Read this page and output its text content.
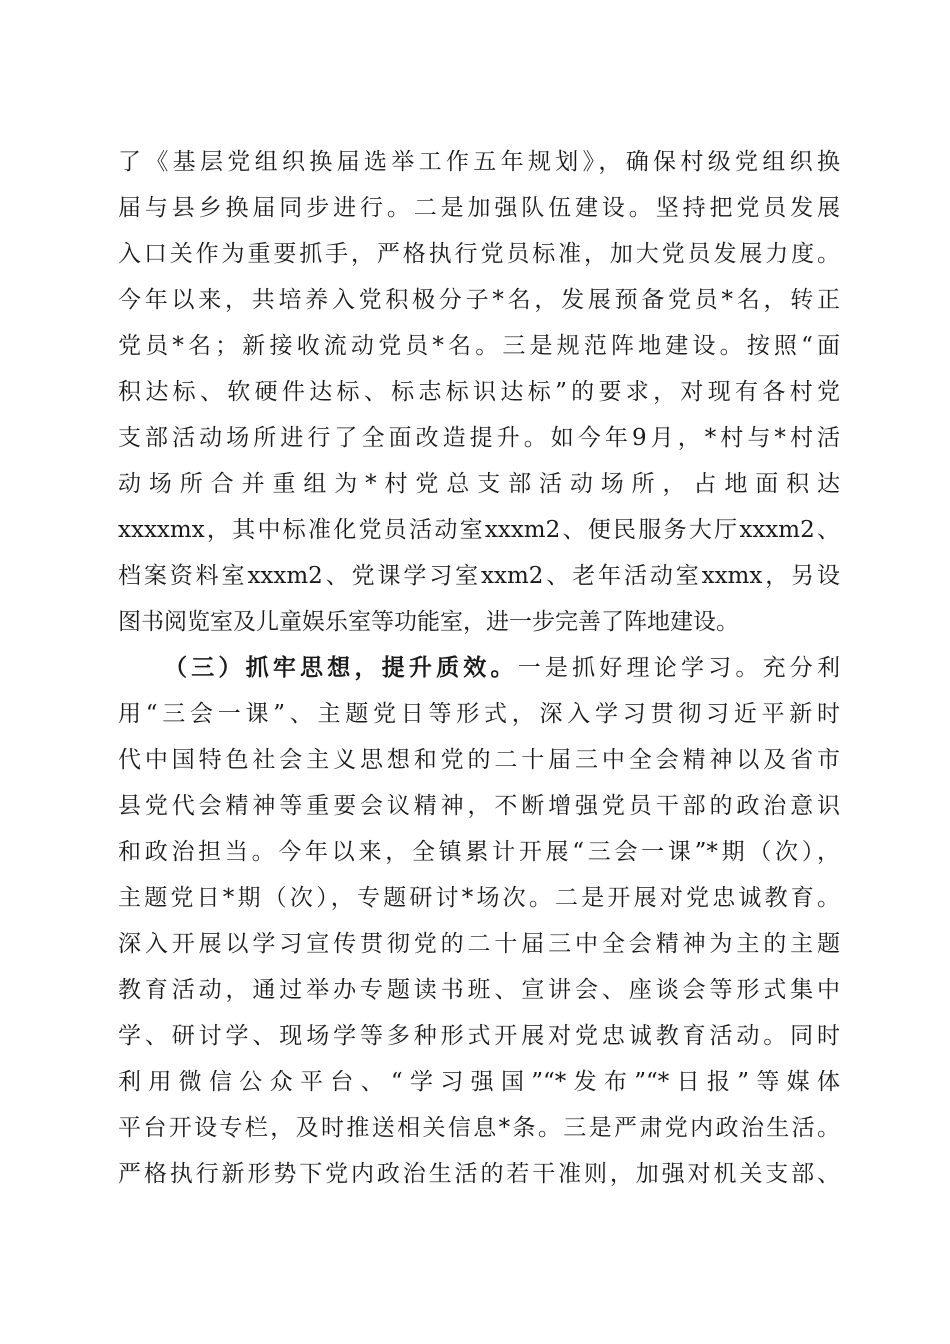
了《基层党组织换届选举工作五年规划》，确保村级党组织换
届与县乡换届同步进行。二是加强队伍建设。坚持把党员发展
入口关作为重要抓手，严格执行党员标准，加大党员发展力度。
今年以来，共培养入党积极分子*名，发展预备党员*名，转正
党员*名；新接收流动党员*名。三是规范阵地建设。按照“面
积达标、软硬件达标、标志标识达标”的要求，对现有各村党
支部活动场所进行了全面改造提升。如今年9月，*村与*村活
动场所合并重组为*村党总支部活动场所，占地面积达
xxxxmx，其中标准化党员活动室xxxm2、便民服务大厅xxxm2、
档案资料室xxxm2、党课学习室xxm2、老年活动室xxmx，另设
图书阅览室及儿童娱乐室等功能室，进一步完善了阵地建设。
（三）抓牢思想，提升质效。一是抓好理论学习。充分利
用“三会一课”、主题党日等形式，深入学习贯彻习近平新时
代中国特色社会主义思想和党的二十届三中全会精神以及省市
县党代会精神等重要会议精神，不断增强党员干部的政治意识
和政治担当。今年以来，全镇累计开展“三会一课”*期（次），
主题党日*期（次），专题研讨*场次。二是开展对党忠诚教育。
深入开展以学习宣传贯彻党的二十届三中全会精神为主的主题
教育活动，通过举办专题读书班、宣讲会、座谈会等形式集中
学、研讨学、现场学等多种形式开展对党忠诚教育活动。同时
利用微信公众平台、“学习强国”“*发布”“*日报”等媒体
平台开设专栏，及时推送相关信息*条。三是严肃党内政治生活。
严格执行新形势下党内政治生活的若干准则，加强对机关支部、
